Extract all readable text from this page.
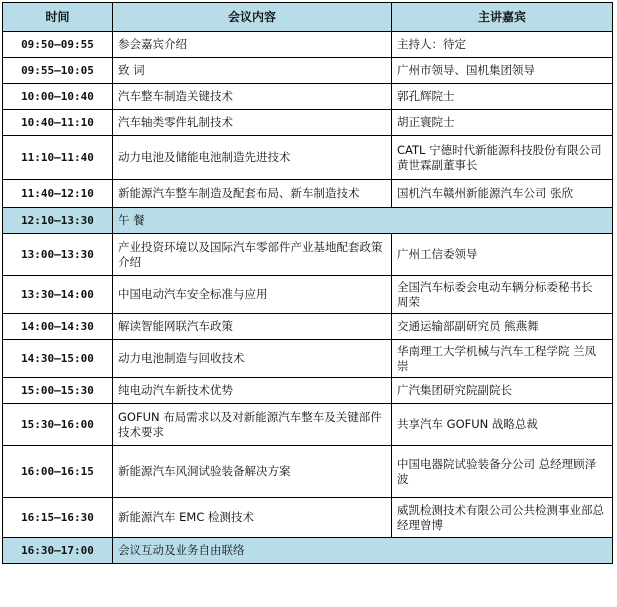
时间	会议内容	主讲嘉宾
09:50–09:55	参会嘉宾介绍	主持人：待定
09:55–10:05	致 词	广州市领导、国机集团领导
10:00–10:40	汽车整车制造关键技术	郭孔辉院士
10:40–11:10	汽车轴类零件轧制技术	胡正寰院士
11:10–11:40	动力电池及储能电池制造先进技术	CATL 宁德时代新能源科技股份有限公司 黄世霖副董事长
11:40–12:10	新能源汽车整车制造及配套布局、新车制造技术	国机汽车赣州新能源汽车公司 张欣
12:10–13:30	午 餐	
13:00–13:30	产业投资环境以及国际汽车零部件产业基地配套政策介绍	广州工信委领导
13:30–14:00	中国电动汽车安全标准与应用	全国汽车标委会电动车辆分标委秘书长 周荣
14:00–14:30	解读智能网联汽车政策	交通运输部副研究员 熊燕舞
14:30–15:00	动力电池制造与回收技术	华南理工大学机械与汽车工程学院 兰凤崇
15:00–15:30	纯电动汽车新技术优势	广汽集团研究院副院长
15:30–16:00	GOFUN 布局需求以及对新能源汽车整车及关键部件技术要求	共享汽车 GOFUN 战略总裁
16:00–16:15	新能源汽车风洞试验装备解决方案	中国电器院试验装备分公司 总经理顾泽波
16:15–16:30	新能源汽车 EMC 检测技术	威凯检测技术有限公司公共检测事业部总经理曾博
16:30–17:00	会议互动及业务自由联络	
